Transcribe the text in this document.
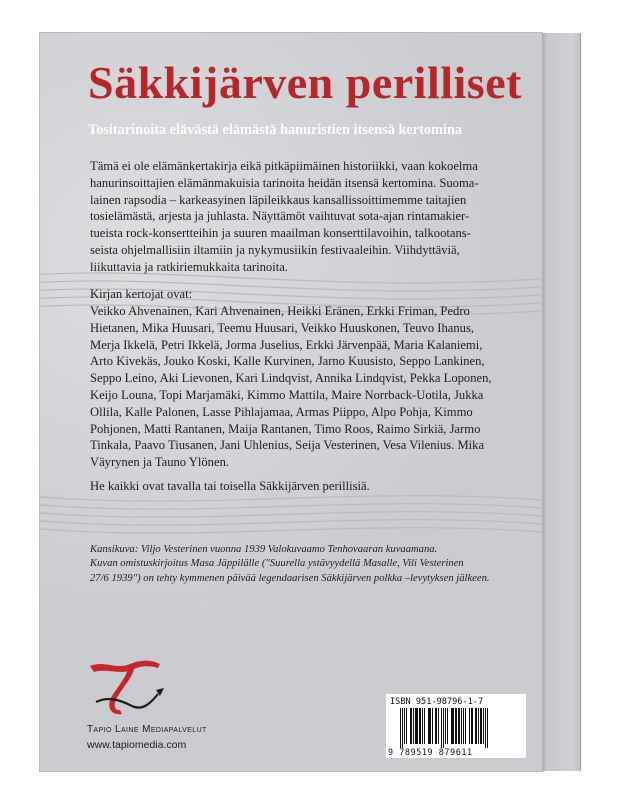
Säkkijärven perilliset

Tositarinoita elävästä elämästä hanuristien itsensä kertomina

Tämä ei ole elämänkertakirja eikä pitkäpiimäinen historiikki, vaan kokoelma
hanurinsoittajien elämänmakuisia tarinoita heidän itsensä kertomina. Suoma-
lainen rapsodia – karkeasyinen läpileikkaus kansallissoittimemme taitajien
tosielämästä, arjesta ja juhlasta. Näyttämöt vaihtuvat sota-ajan rintamakier-
tueista rock-konsertteihin ja suuren maailman konserttilavoihin, talkootans-
seista ohjelmallisiin iltamiin ja nykymusiikin festivaaleihin. Viihdyttäviä,
liikuttavia ja ratkiriemukkaita tarinoita.

Kirjan kertojat ovat:

Veikko Ahvenainen, Kari Ahvenainen, Heikki Eränen, Erkki Friman, Pedro
Hietanen, Mika Huusari, Teemu Huusari, Veikko Huuskonen, Teuvo Ihanus,
Merja Ikkelä, Petri Ikkelä, Jorma Juselius, Erkki Järvenpää, Maria Kalaniemi,
Arto Kivekäs, Jouko Koski, Kalle Kurvinen, Jarno Kuusisto, Seppo Lankinen,
Seppo Leino, Aki Lievonen, Kari Lindqvist, Annika Lindqvist, Pekka Loponen,
Keijo Louna, Topi Marjamäki, Kimmo Mattila, Maire Norrback-Uotila, Jukka
Ollila, Kalle Palonen, Lasse Pihlajamaa, Armas Piippo, Alpo Pohja, Kimmo
Pohjonen, Matti Rantanen, Maija Rantanen, Timo Roos, Raimo Sirkiä, Jarmo
Tinkala, Paavo Tiusanen, Jani Uhlenius, Seija Vesterinen, Vesa Vilenius. Mika
Väyrynen ja Tauno Ylönen.

He kaikki ovat tavalla tai toisella Säkkijärven perillisiä.

Kansikuva: Viljo Vesterinen vuonna 1939 Valokuvaamo Tenhovaaran kuvaamana.
Kuvan omistuskirjoitus Masa Jäppilälle ("Suurella ystävyydellä Masalle, Vili Vesterinen
27/6 1939") on tehty kymmenen päivää legendaarisen Säkkijärven polkka –levytyksen jälkeen.
Tapio Laine Mediapalvelut
www.tapiomedia.com
ISBN 951-98796-1-7
9 789519 879611
